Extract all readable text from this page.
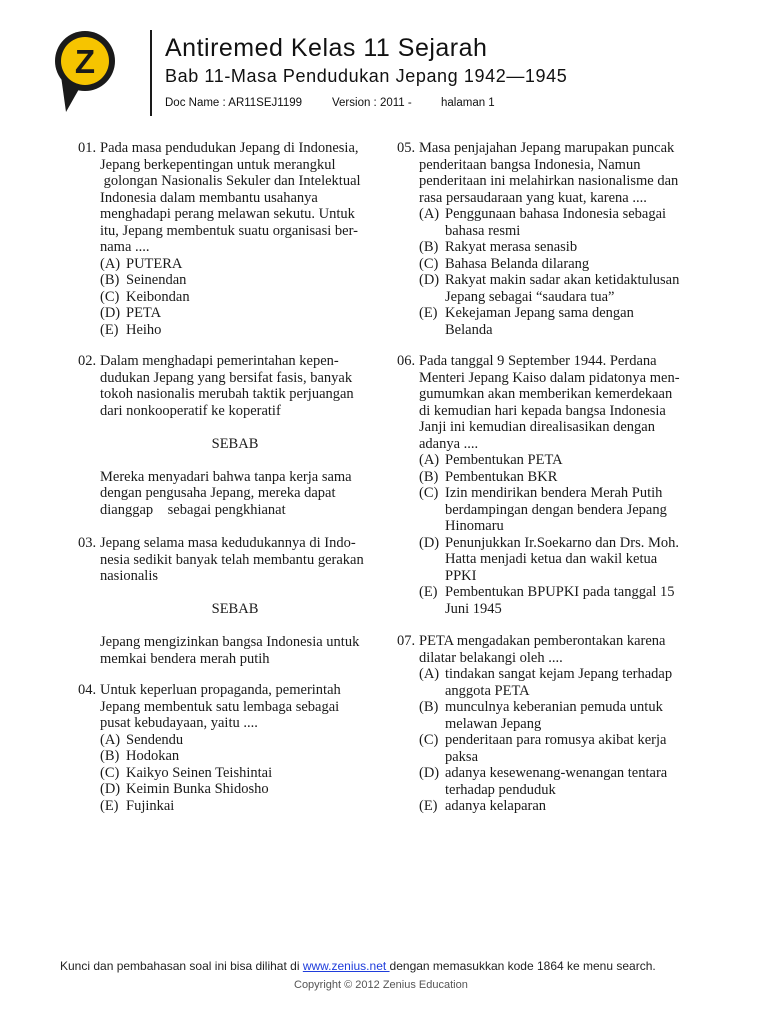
Z	Antiremed Kelas 11 Sejarah
Bab 11-Masa Pendudukan Jepang 1942—1945
Doc Name : AR11SEJ1199	Version : 2011 -	halaman 1
01. Pada masa pendudukan Jepang di Indonesia,
Jepang berkepentingan untuk merangkul
golongan Nasionalis Sekuler dan Intelektual
Indonesia dalam membantu usahanya
menghadapi perang melawan sekutu. Untuk
itu, Jepang membentuk suatu organisasi ber-
nama ....
(A) PUTERA
(B) Seinendan
(C) Keibondan
(D) PETA
(E) Heiho
02. Dalam menghadapi pemerintahan kepen-
dudukan Jepang yang bersifat fasis, banyak
tokoh nasionalis merubah taktik perjuangan
dari nonkooperatif ke koperatif
SEBAB
Mereka menyadari bahwa tanpa kerja sama
dengan pengusaha Jepang, mereka dapat
dianggap    sebagai pengkhianat
03. Jepang selama masa kedudukannya di Indo-
nesia sedikit banyak telah membantu gerakan
nasionalis
SEBAB
Jepang mengizinkan bangsa Indonesia untuk
memkai bendera merah putih
04. Untuk keperluan propaganda, pemerintah
Jepang membentuk satu lembaga sebagai
pusat kebudayaan, yaitu ....
(A) Sendendu
(B) Hodokan
(C) Kaikyo Seinen Teishintai
(D) Keimin Bunka Shidosho
(E) Fujinkai
05. Masa penjajahan Jepang marupakan puncak
penderitaan bangsa Indonesia, Namun
penderitaan ini melahirkan nasionalisme dan
rasa persaudaraan yang kuat, karena ....
(A) Penggunaan bahasa Indonesia sebagai
bahasa resmi
(B) Rakyat merasa senasib
(C) Bahasa Belanda dilarang
(D) Rakyat makin sadar akan ketidaktulusan
Jepang sebagai “saudara tua”
(E) Kekejaman Jepang sama dengan
Belanda
06. Pada tanggal 9 September 1944. Perdana
Menteri Jepang Kaiso dalam pidatonya men-
gumumkan akan memberikan kemerdekaan
di kemudian hari kepada bangsa Indonesia
Janji ini kemudian direalisasikan dengan
adanya ....
(A) Pembentukan PETA
(B) Pembentukan BKR
(C) Izin mendirikan bendera Merah Putih
berdampingan dengan bendera Jepang
Hinomaru
(D) Penunjukkan Ir.Soekarno dan Drs. Moh.
Hatta menjadi ketua dan wakil ketua
PPKI
(E) Pembentukan BPUPKI pada tanggal 15
Juni 1945
07. PETA mengadakan pemberontakan karena
dilatar belakangi oleh ....
(A) tindakan sangat kejam Jepang terhadap
anggota PETA
(B) munculnya keberanian pemuda untuk
melawan Jepang
(C) penderitaan para romusya akibat kerja
paksa
(D) adanya kesewenang-wenangan tentara
terhadap penduduk
(E) adanya kelaparan
Kunci dan pembahasan soal ini bisa dilihat di www.zenius.net dengan memasukkan kode 1864 ke menu search.
Copyright © 2012 Zenius Education
